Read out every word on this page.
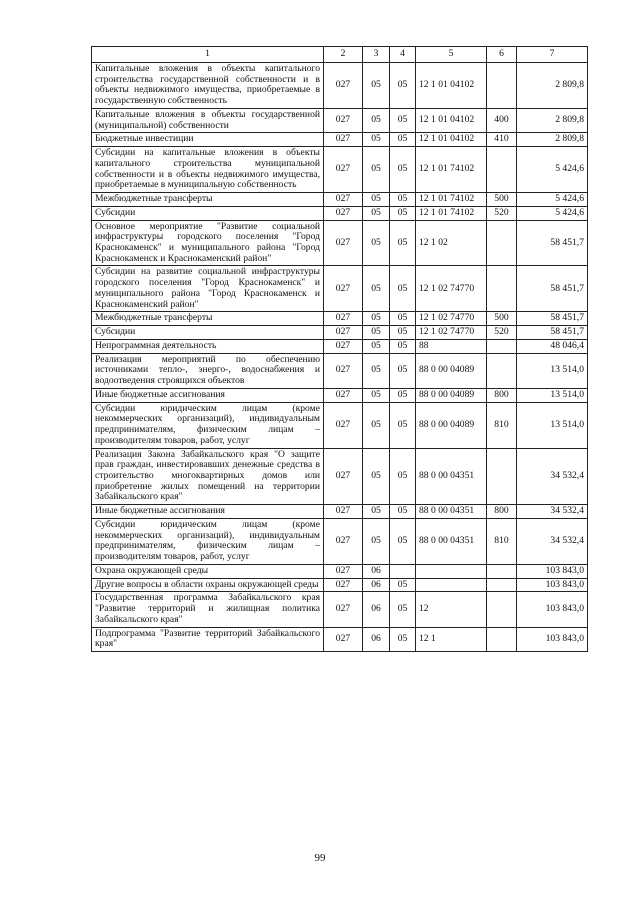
1	2	3	4	5	6	7
Капитальные вложения в объекты капитального строительства государственной собственности и в объекты недвижимого имущества, приобретаемые в государственную собственность	027	05	05	12 1 01 04102		2 809,8
Капитальные вложения в объекты государственной (муниципальной) собственности	027	05	05	12 1 01 04102	400	2 809,8
Бюджетные инвестиции	027	05	05	12 1 01 04102	410	2 809,8
Субсидии на капитальные вложения в объекты капитального строительства муниципальной собственности и в объекты недвижимого имущества, приобретаемые в муниципальную собственность	027	05	05	12 1 01 74102		5 424,6
Межбюджетные трансферты	027	05	05	12 1 01 74102	500	5 424,6
Субсидии	027	05	05	12 1 01 74102	520	5 424,6
Основное мероприятие "Развитие социальной инфраструктуры городского поселения "Город Краснокаменск" и муниципального района "Город Краснокаменск и Краснокаменский район"	027	05	05	12 1 02		58 451,7
Субсидии на развитие социальной инфраструктуры городского поселения "Город Краснокаменск" и муниципального района "Город Краснокаменск и Краснокаменский район"	027	05	05	12 1 02 74770		58 451,7
Межбюджетные трансферты	027	05	05	12 1 02 74770	500	58 451,7
Субсидии	027	05	05	12 1 02 74770	520	58 451,7
Непрограммная деятельность	027	05	05	88		48 046,4
Реализация мероприятий по обеспечению источниками тепло-, энерго-, водоснабжения и водоотведения строящихся объектов	027	05	05	88 0 00 04089		13 514,0
Иные бюджетные ассигнования	027	05	05	88 0 00 04089	800	13 514,0
Субсидии юридическим лицам (кроме некоммерческих организаций), индивидуальным предпринимателям, физическим лицам – производителям товаров, работ, услуг	027	05	05	88 0 00 04089	810	13 514,0
Реализация Закона Забайкальского края "О защите прав граждан, инвестировавших денежные средства в строительство многоквартирных домов или приобретение жилых помещений на территории Забайкальского края"	027	05	05	88 0 00 04351		34 532,4
Иные бюджетные ассигнования	027	05	05	88 0 00 04351	800	34 532,4
Субсидии юридическим лицам (кроме некоммерческих организаций), индивидуальным предпринимателям, физическим лицам – производителям товаров, работ, услуг	027	05	05	88 0 00 04351	810	34 532,4
Охрана окружающей среды	027	06				103 843,0
Другие вопросы в области охраны окружающей среды	027	06	05			103 843,0
Государственная программа Забайкальского края "Развитие территорий и жилищная политика Забайкальского края"	027	06	05	12		103 843,0
Подпрограмма "Развитие территорий Забайкальского края"	027	06	05	12 1		103 843,0
99
